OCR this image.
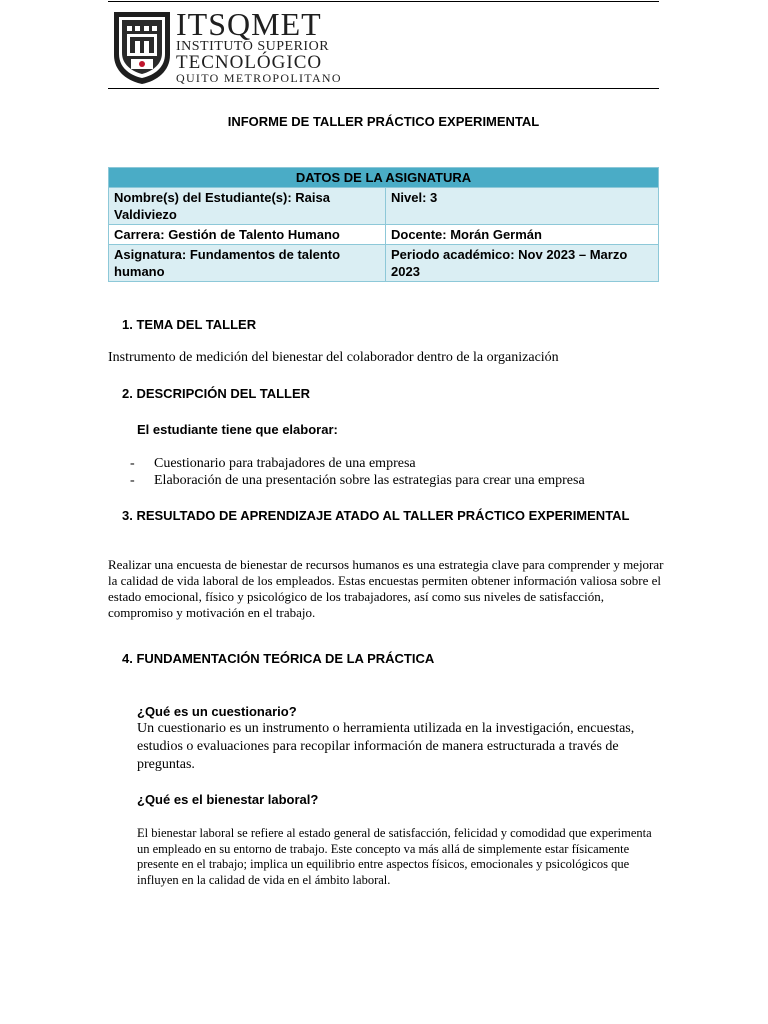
ITSQMET
INSTITUTO SUPERIOR
TECNOLÓGICO
QUITO METROPOLITANO
INFORME DE TALLER PRÁCTICO EXPERIMENTAL
DATOS DE LA ASIGNATURA	
Nombre(s) del Estudiante(s): Raisa Valdiviezo	Nivel: 3
Carrera: Gestión de Talento Humano	Docente: Morán Germán
Asignatura: Fundamentos de talento humano	Periodo académico: Nov 2023 – Marzo 2023
1. TEMA DEL TALLER
Instrumento de medición del bienestar del colaborador dentro de la organización
2. DESCRIPCIÓN DEL TALLER
El estudiante tiene que elaborar:
- Cuestionario para trabajadores de una empresa
- Elaboración de una presentación sobre las estrategias para crear una empresa
3. RESULTADO DE APRENDIZAJE ATADO AL TALLER PRÁCTICO EXPERIMENTAL
Realizar una encuesta de bienestar de recursos humanos es una estrategia clave para comprender y mejorar la calidad de vida laboral de los empleados. Estas encuestas permiten obtener información valiosa sobre el estado emocional, físico y psicológico de los trabajadores, así como sus niveles de satisfacción, compromiso y motivación en el trabajo.
4. FUNDAMENTACIÓN TEÓRICA DE LA PRÁCTICA
¿Qué es un cuestionario?
Un cuestionario es un instrumento o herramienta utilizada en la investigación, encuestas, estudios o evaluaciones para recopilar información de manera estructurada a través de preguntas.
¿Qué es el bienestar laboral?
El bienestar laboral se refiere al estado general de satisfacción, felicidad y comodidad que experimenta un empleado en su entorno de trabajo. Este concepto va más allá de simplemente estar físicamente presente en el trabajo; implica un equilibrio entre aspectos físicos, emocionales y psicológicos que influyen en la calidad de vida en el ámbito laboral.
